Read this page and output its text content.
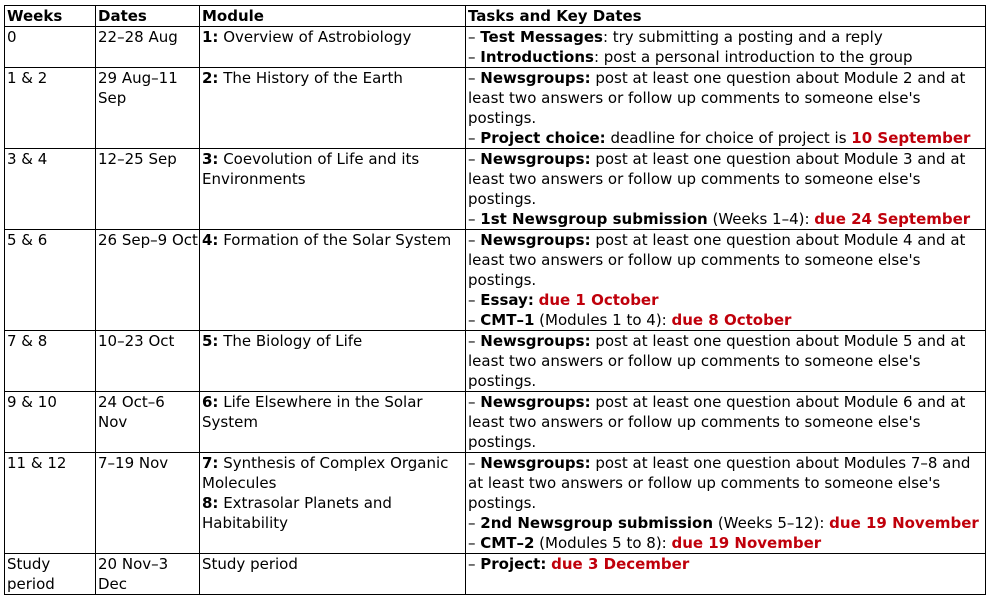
Weeks	Dates	Module	Tasks and Key Dates
0	22–28 Aug	1: Overview of Astrobiology	– Test Messages: try submitting a posting and a reply
– Introductions: post a personal introduction to the group

1 & 2	29 Aug–11 Sep	2: The History of the Earth	– Newsgroups: post at least one question about Module 2 and at least two answers or follow up comments to someone else's postings.
– Project choice: deadline for choice of project is 10 September

3 & 4	12–25 Sep	3: Coevolution of Life and its Environments	– Newsgroups: post at least one question about Module 3 and at least two answers or follow up comments to someone else's postings.
– 1st Newsgroup submission (Weeks 1–4): due 24 September

5 & 6	26 Sep–9 Oct	4: Formation of the Solar System	– Newsgroups: post at least one question about Module 4 and at least two answers or follow up comments to someone else's postings.
– Essay: due 1 October
– CMT–1 (Modules 1 to 4): due 8 October

7 & 8	10–23 Oct	5: The Biology of Life	– Newsgroups: post at least one question about Module 5 and at least two answers or follow up comments to someone else's postings.

9 & 10	24 Oct–6 Nov	6: Life Elsewhere in the Solar System	– Newsgroups: post at least one question about Module 6 and at least two answers or follow up comments to someone else's postings.

11 & 12	7–19 Nov	7: Synthesis of Complex Organic Molecules
8: Extrasolar Planets and Habitability	– Newsgroups: post at least one question about Modules 7–8 and at least two answers or follow up comments to someone else's postings.
– 2nd Newsgroup submission (Weeks 5–12): due 19 November
– CMT–2 (Modules 5 to 8): due 19 November

Study period	20 Nov–3 Dec	Study period	– Project: due 3 December
